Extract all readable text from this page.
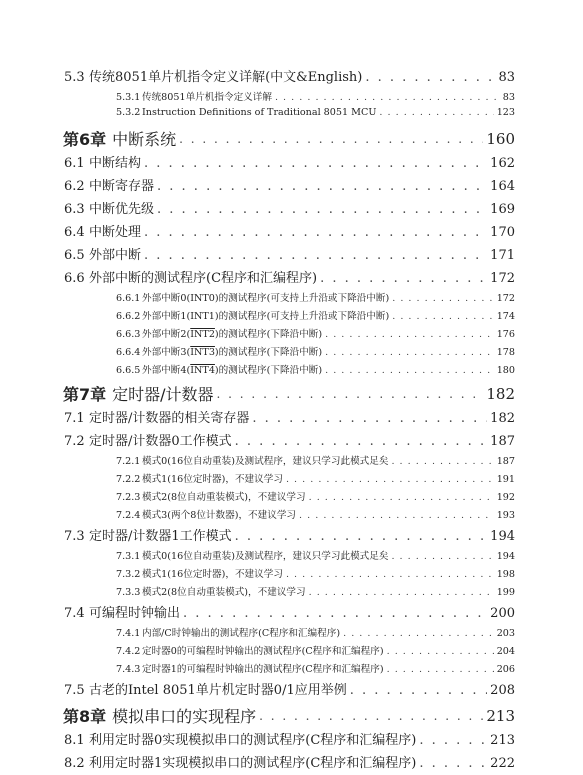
5.3 传统8051单片机指令定义详解(中文&English) . . .	83
5.3.1 传统8051单片机指令定义详解 . . .	83
5.3.2 Instruction Definitions of Traditional 8051 MCU . . .	123
第6章 中断系统 . . .	160
6.1 中断结构 . . .	162
6.2 中断寄存器 . . .	164
6.3 中断优先级 . . .	169
6.4 中断处理 . . .	170
6.5 外部中断 . . .	171
6.6 外部中断的测试程序(C程序和汇编程序) . . .	172
6.6.1 外部中断0(INT0)的测试程序(可支持上升沿或下降沿中断) . . .	172
6.6.2 外部中断1(INT1)的测试程序(可支持上升沿或下降沿中断) . . .	174
6.6.3 外部中断2(INT2)的测试程序(下降沿中断) . . .	176
6.6.4 外部中断3(INT3)的测试程序(下降沿中断) . . .	178
6.6.5 外部中断4(INT4)的测试程序(下降沿中断) . . .	180
第7章 定时器/计数器 . . .	182
7.1 定时器/计数器的相关寄存器 . . .	182
7.2 定时器/计数器0工作模式 . . .	187
7.2.1 模式0(16位自动重装)及测试程序，建议只学习此模式足矣 . . .	187
7.2.2 模式1(16位定时器)，不建议学习 . . .	191
7.2.3 模式2(8位自动重装模式)，不建议学习 . . .	192
7.2.4 模式3(两个8位计数器)，不建议学习 . . .	193
7.3 定时器/计数器1工作模式 . . .	194
7.3.1 模式0(16位自动重装)及测试程序，建议只学习此模式足矣 . . .	194
7.3.2 模式1(16位定时器)，不建议学习 . . .	198
7.3.3 模式2(8位自动重装模式)，不建议学习 . . .	199
7.4 可编程时钟输出 . . .	200
7.4.1 内部/C时钟输出的测试程序(C程序和汇编程序) . . .	203
7.4.2 定时器0的可编程时钟输出的测试程序(C程序和汇编程序) . . .	204
7.4.3 定时器1的可编程时钟输出的测试程序(C程序和汇编程序) . . .	206
7.5 古老的Intel 8051单片机定时器0/1应用举例 . . .	208
第8章 模拟串口的实现程序 . . .	213
8.1 利用定时器0实现模拟串口的测试程序(C程序和汇编程序) . . .	213
8.2 利用定时器1实现模拟串口的测试程序(C程序和汇编程序) . . .	222
